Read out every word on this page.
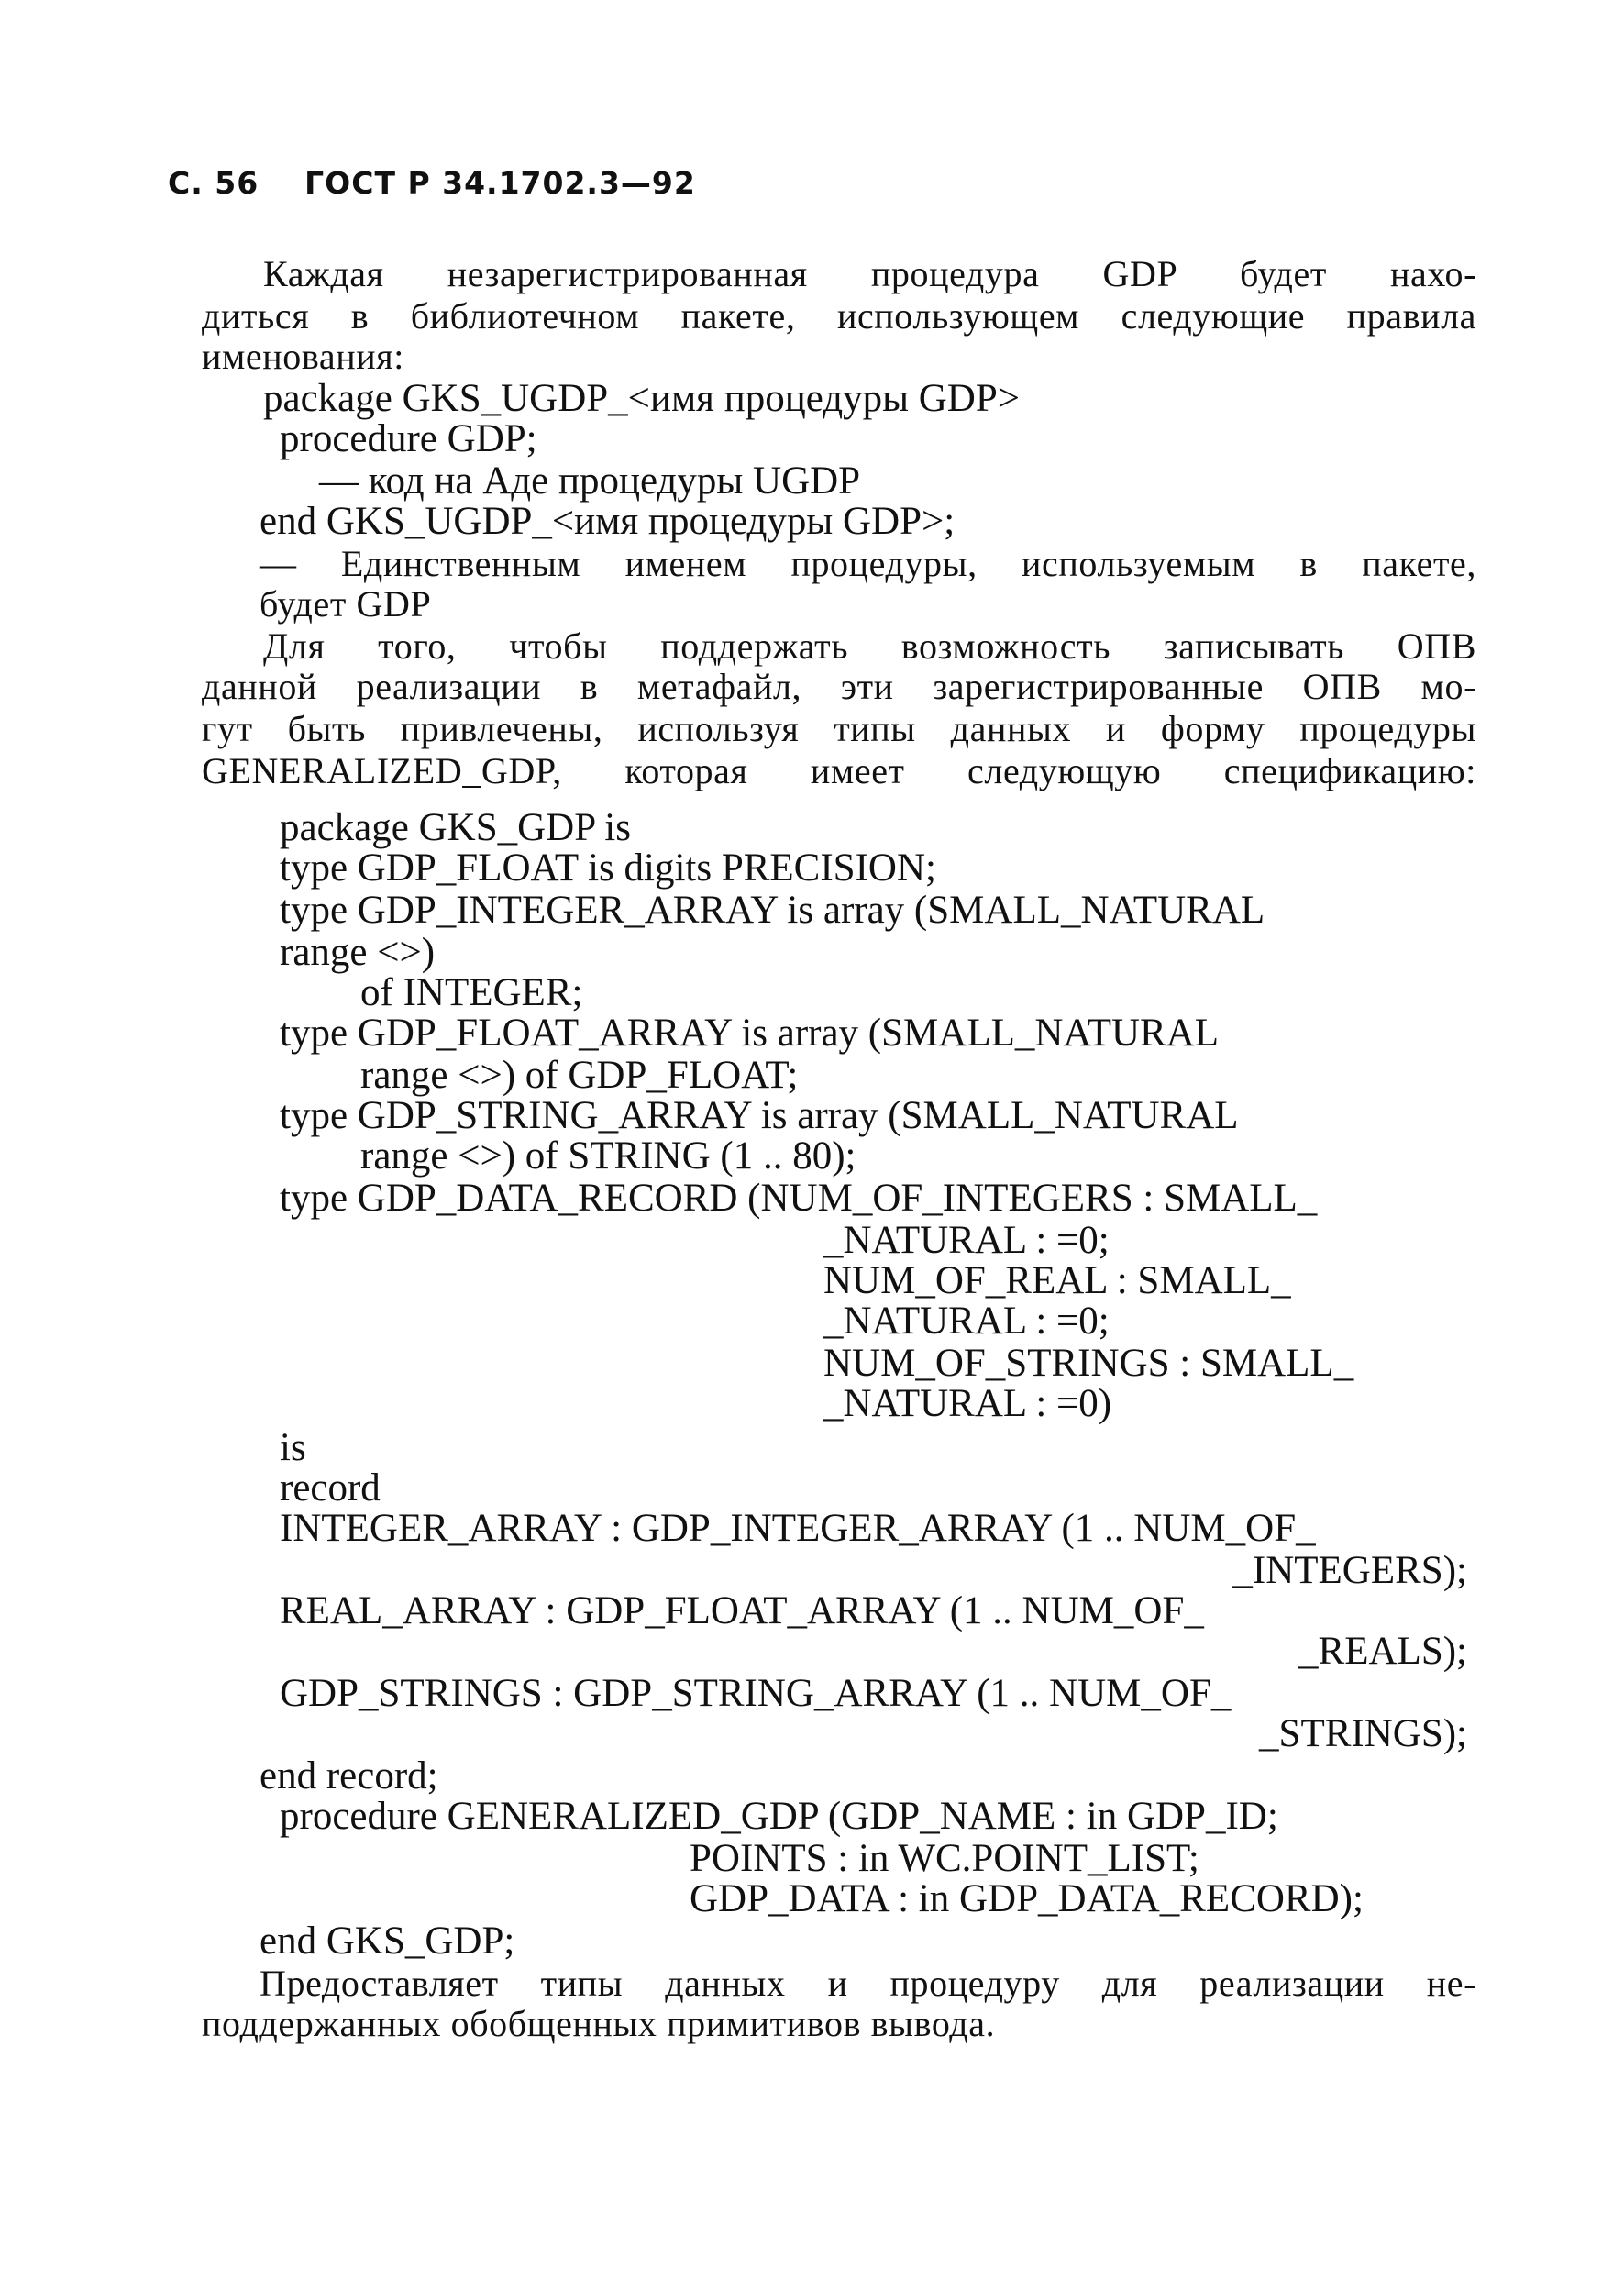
С. 56 ГОСТ Р 34.1702.3—92
Каждая незарегистрированная процедура GDP будет нахо-
диться в библиотечном пакете, использующем следующие правила
именования:
package GKS_UGDP_<имя процедуры GDP>
procedure GDP;
— код на Аде процедуры UGDP
end GKS_UGDP_<имя процедуры GDP>;
— Единственным именем процедуры, используемым в пакете,
будет GDP
Для того, чтобы поддержать возможность записывать ОПВ
данной реализации в метафайл, эти зарегистрированные ОПВ мо-
гут быть привлечены, используя типы данных и форму процедуры
GENERALIZED_GDP, которая имеет следующую спецификацию:
package GKS_GDP is
type GDP_FLOAT is digits PRECISION;
type GDP_INTEGER_ARRAY is array (SMALL_NATURAL
range <>)
of INTEGER;
type GDP_FLOAT_ARRAY is array (SMALL_NATURAL
range <>) of GDP_FLOAT;
type GDP_STRING_ARRAY is array (SMALL_NATURAL
range <>) of STRING (1 .. 80);
type GDP_DATA_RECORD (NUM_OF_INTEGERS : SMALL_
_NATURAL : =0;
NUM_OF_REAL : SMALL_
_NATURAL : =0;
NUM_OF_STRINGS : SMALL_
_NATURAL : =0)
is
record
INTEGER_ARRAY : GDP_INTEGER_ARRAY (1 .. NUM_OF_
_INTEGERS);
REAL_ARRAY : GDP_FLOAT_ARRAY (1 .. NUM_OF_
_REALS);
GDP_STRINGS : GDP_STRING_ARRAY (1 .. NUM_OF_
_STRINGS);
end record;
procedure GENERALIZED_GDP (GDP_NAME : in GDP_ID;
POINTS : in WC.POINT_LIST;
GDP_DATA : in GDP_DATA_RECORD);
end GKS_GDP;
Предоставляет типы данных и процедуру для реализации не-
поддержанных обобщенных примитивов вывода.
